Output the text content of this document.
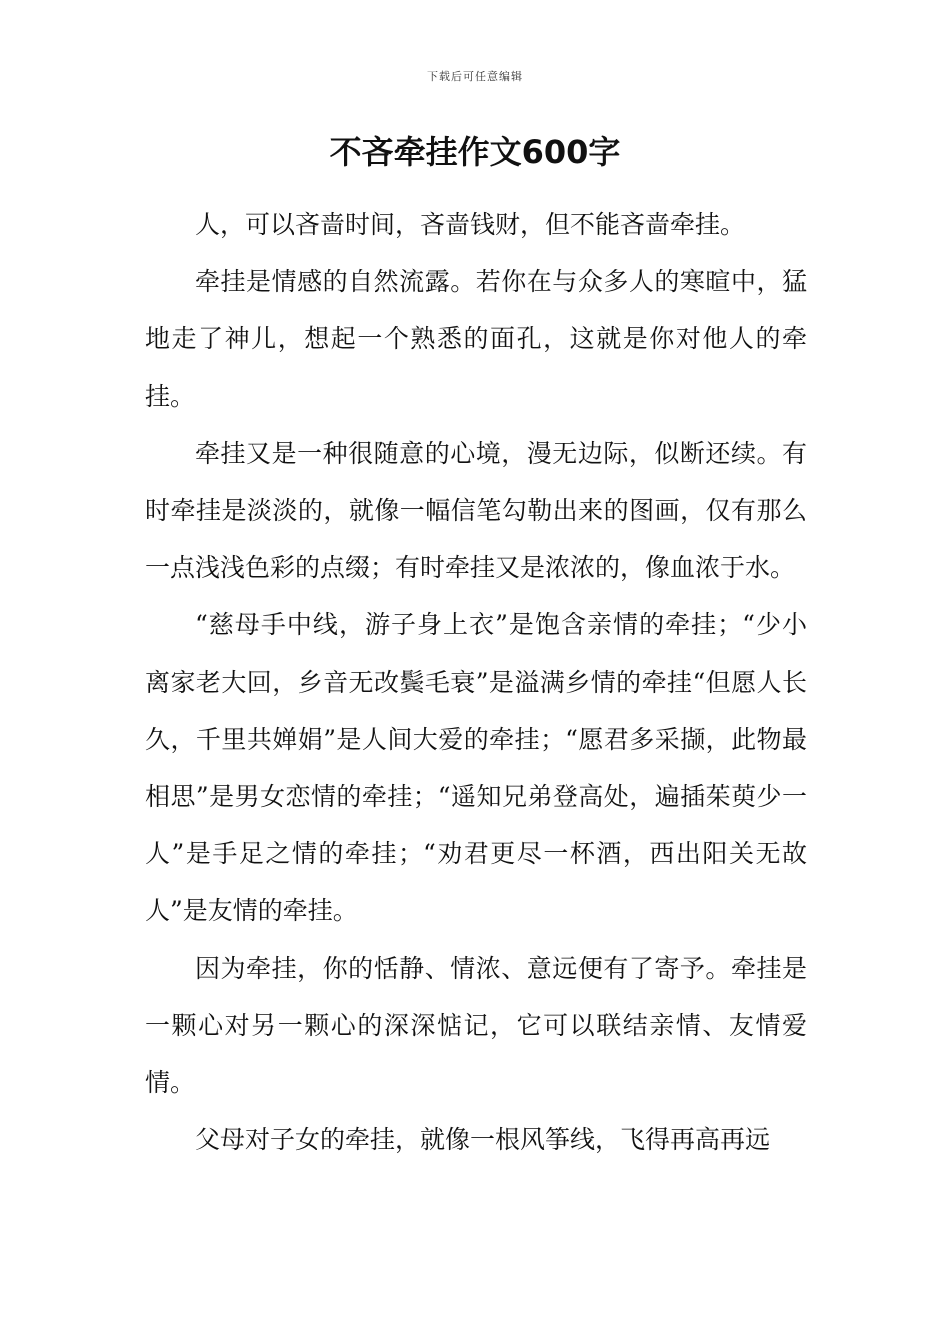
下载后可任意编辑
不吝牵挂作文600字

人，可以吝啬时间，吝啬钱财，但不能吝啬牵挂。

牵挂是情感的自然流露。若你在与众多人的寒暄中，猛地走了神儿，想起一个熟悉的面孔，这就是你对他人的牵挂。

牵挂又是一种很随意的心境，漫无边际，似断还续。有时牵挂是淡淡的，就像一幅信笔勾勒出来的图画，仅有那么一点浅浅色彩的点缀；有时牵挂又是浓浓的，像血浓于水。

“慈母手中线，游子身上衣”是饱含亲情的牵挂；“少小离家老大回，乡音无改鬓毛衰”是溢满乡情的牵挂“但愿人长久，千里共婵娟”是人间大爱的牵挂；“愿君多采撷，此物最相思”是男女恋情的牵挂；“遥知兄弟登高处，遍插茱萸少一人”是手足之情的牵挂；“劝君更尽一杯酒，西出阳关无故人”是友情的牵挂。

因为牵挂，你的恬静、情浓、意远便有了寄予。牵挂是一颗心对另一颗心的深深惦记，它可以联结亲情、友情爱情。

父母对子女的牵挂，就像一根风筝线，飞得再高再远
